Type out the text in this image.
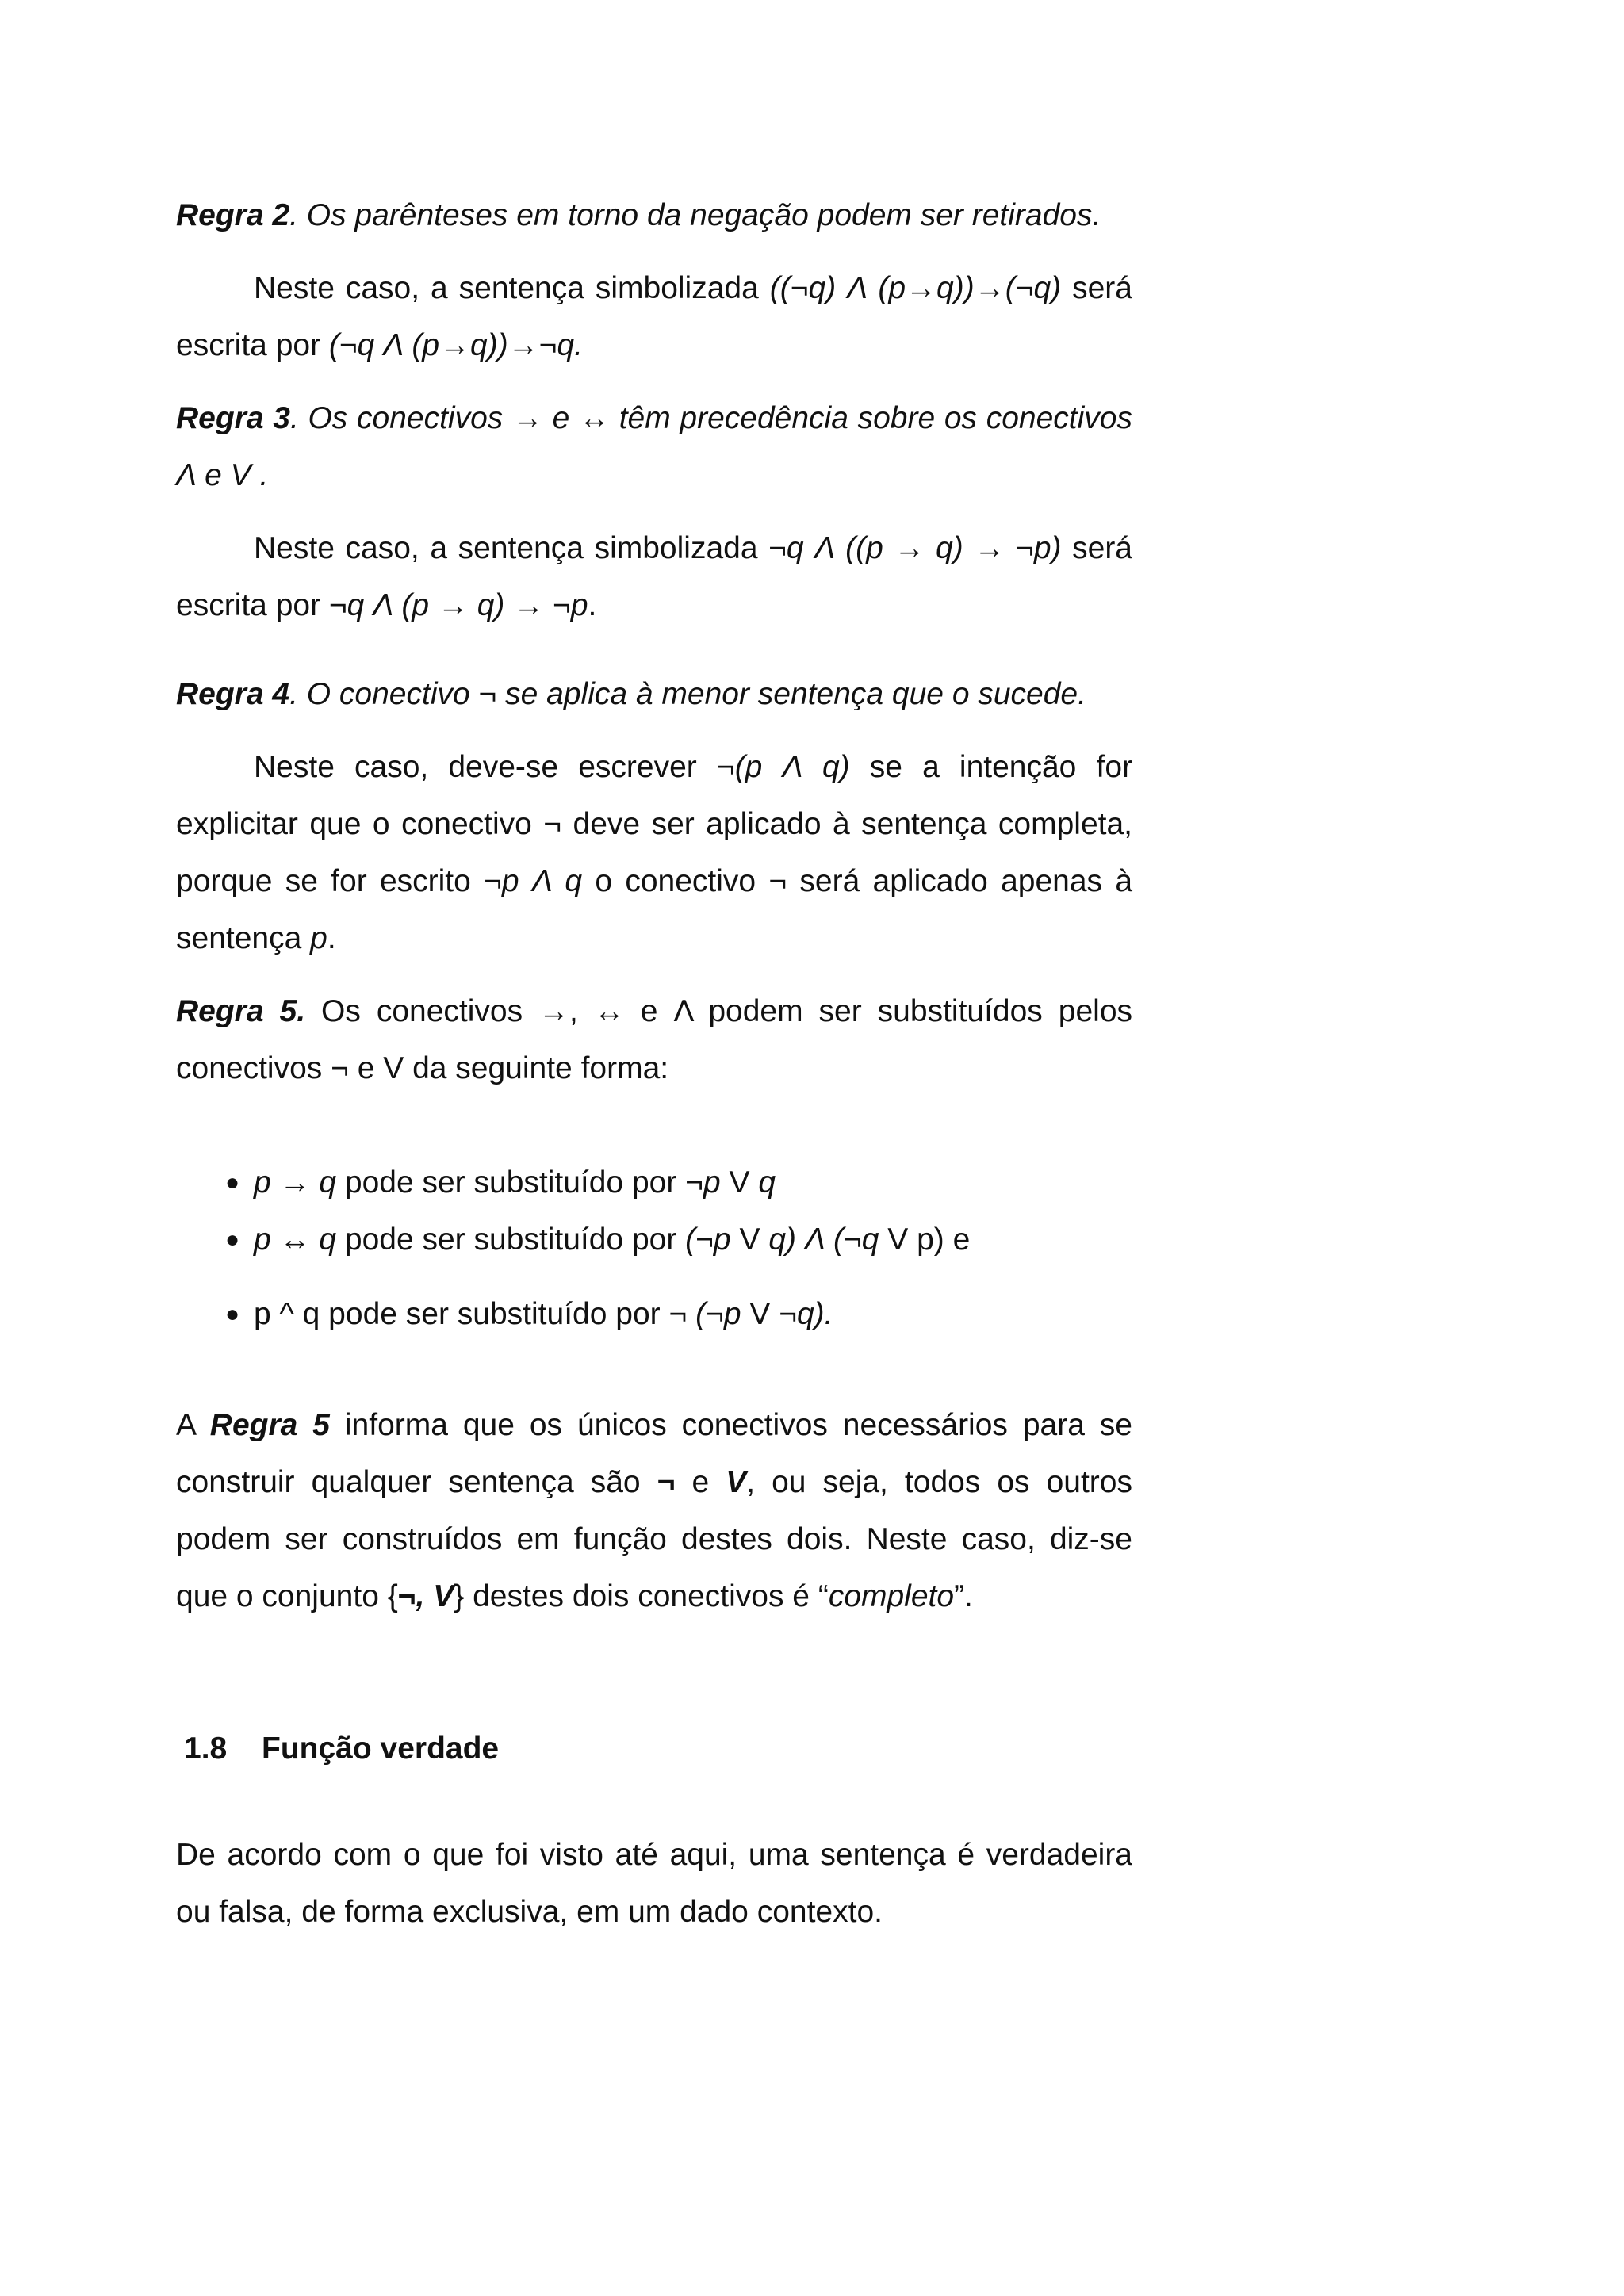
Regra 2. Os parênteses em torno da negação podem ser retirados.

Neste caso, a sentença simbolizada ((¬q) Λ (p→q))→(¬q) será escrita por (¬q Λ (p→q))→¬q.

Regra 3. Os conectivos → e ↔ têm precedência sobre os conectivos Λ e V .

Neste caso, a sentença simbolizada ¬q Λ ((p → q) → ¬p) será escrita por ¬q Λ (p → q) → ¬p.

Regra 4. O conectivo ¬ se aplica à menor sentença que o sucede.

Neste caso, deve-se escrever ¬(p Λ q) se a intenção for explicitar que o conectivo ¬ deve ser aplicado à sentença completa, porque se for escrito ¬p Λ q o conectivo ¬ será aplicado apenas à sentença p.

Regra 5. Os conectivos →, ↔ e Λ podem ser substituídos pelos conectivos ¬ e V da seguinte forma:

● p → q pode ser substituído por ¬p V q
● p ↔ q pode ser substituído por (¬p V q) Λ (¬q V p) e
● p ^ q pode ser substituído por ¬ (¬p V ¬q).

A Regra 5 informa que os únicos conectivos necessários para se construir qualquer sentença são ¬ e V, ou seja, todos os outros podem ser construídos em função destes dois. Neste caso, diz-se que o conjunto {¬, V} destes dois conectivos é “completo”.

1.8 Função verdade

De acordo com o que foi visto até aqui, uma sentença é verdadeira ou falsa, de forma exclusiva, em um dado contexto.
